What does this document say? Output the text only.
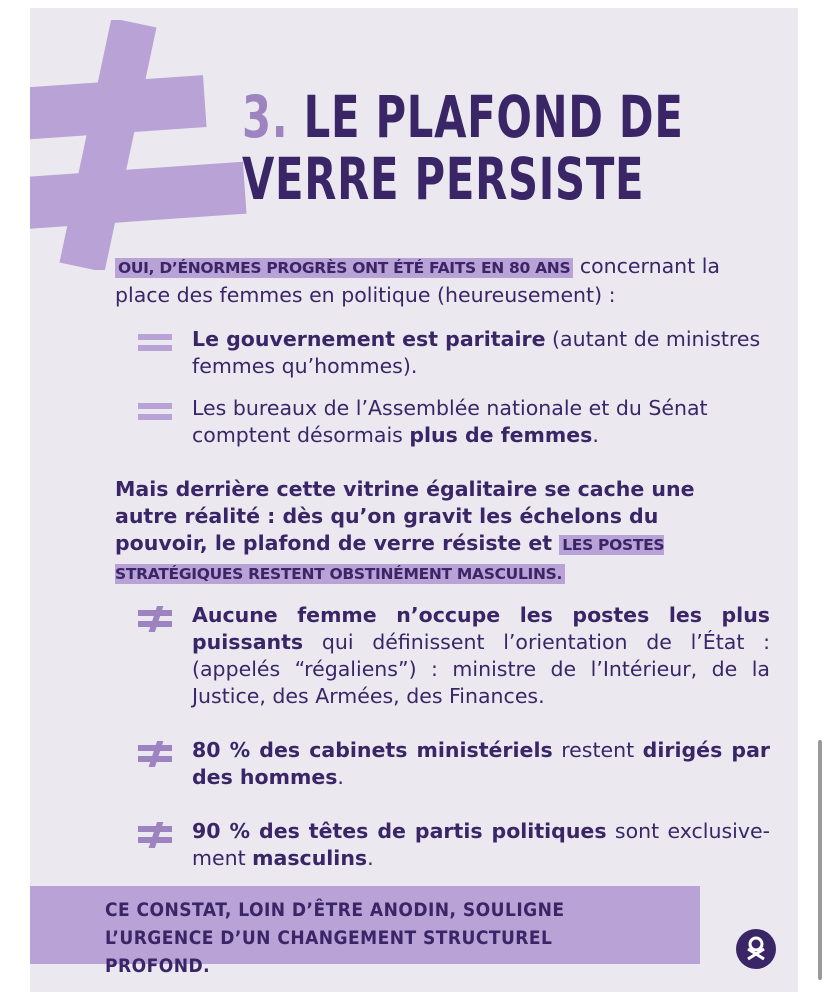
3. LE PLAFOND DE
VERRE PERSISTE

OUI, D’ÉNORMES PROGRÈS ONT ÉTÉ FAITS EN 80 ANS concernant la place des femmes en politique (heureusement) :

Le gouvernement est paritaire (autant de ministres femmes qu’hommes).
Les bureaux de l’Assemblée nationale et du Sénat comptent désormais plus de femmes.

Mais derrière cette vitrine égalitaire se cache une autre réalité : dès qu’on gravit les échelons du pouvoir, le plafond de verre résiste et LES POSTES STRATÉGIQUES RESTENT OBSTINÉMENT MASCULINS.

Aucune femme n’occupe les postes les plus puissants qui définissent l’orientation de l’État : (appelés “régaliens”) : ministre de l’Intérieur, de la Justice, des Armées, des Finances.
80 % des cabinets ministériels restent dirigés par des hommes.
90 % des têtes de partis politiques sont exclusive-ment masculins.

CE CONSTAT, LOIN D’ÊTRE ANODIN, SOULIGNE L’URGENCE D’UN CHANGEMENT STRUCTUREL PROFOND.
